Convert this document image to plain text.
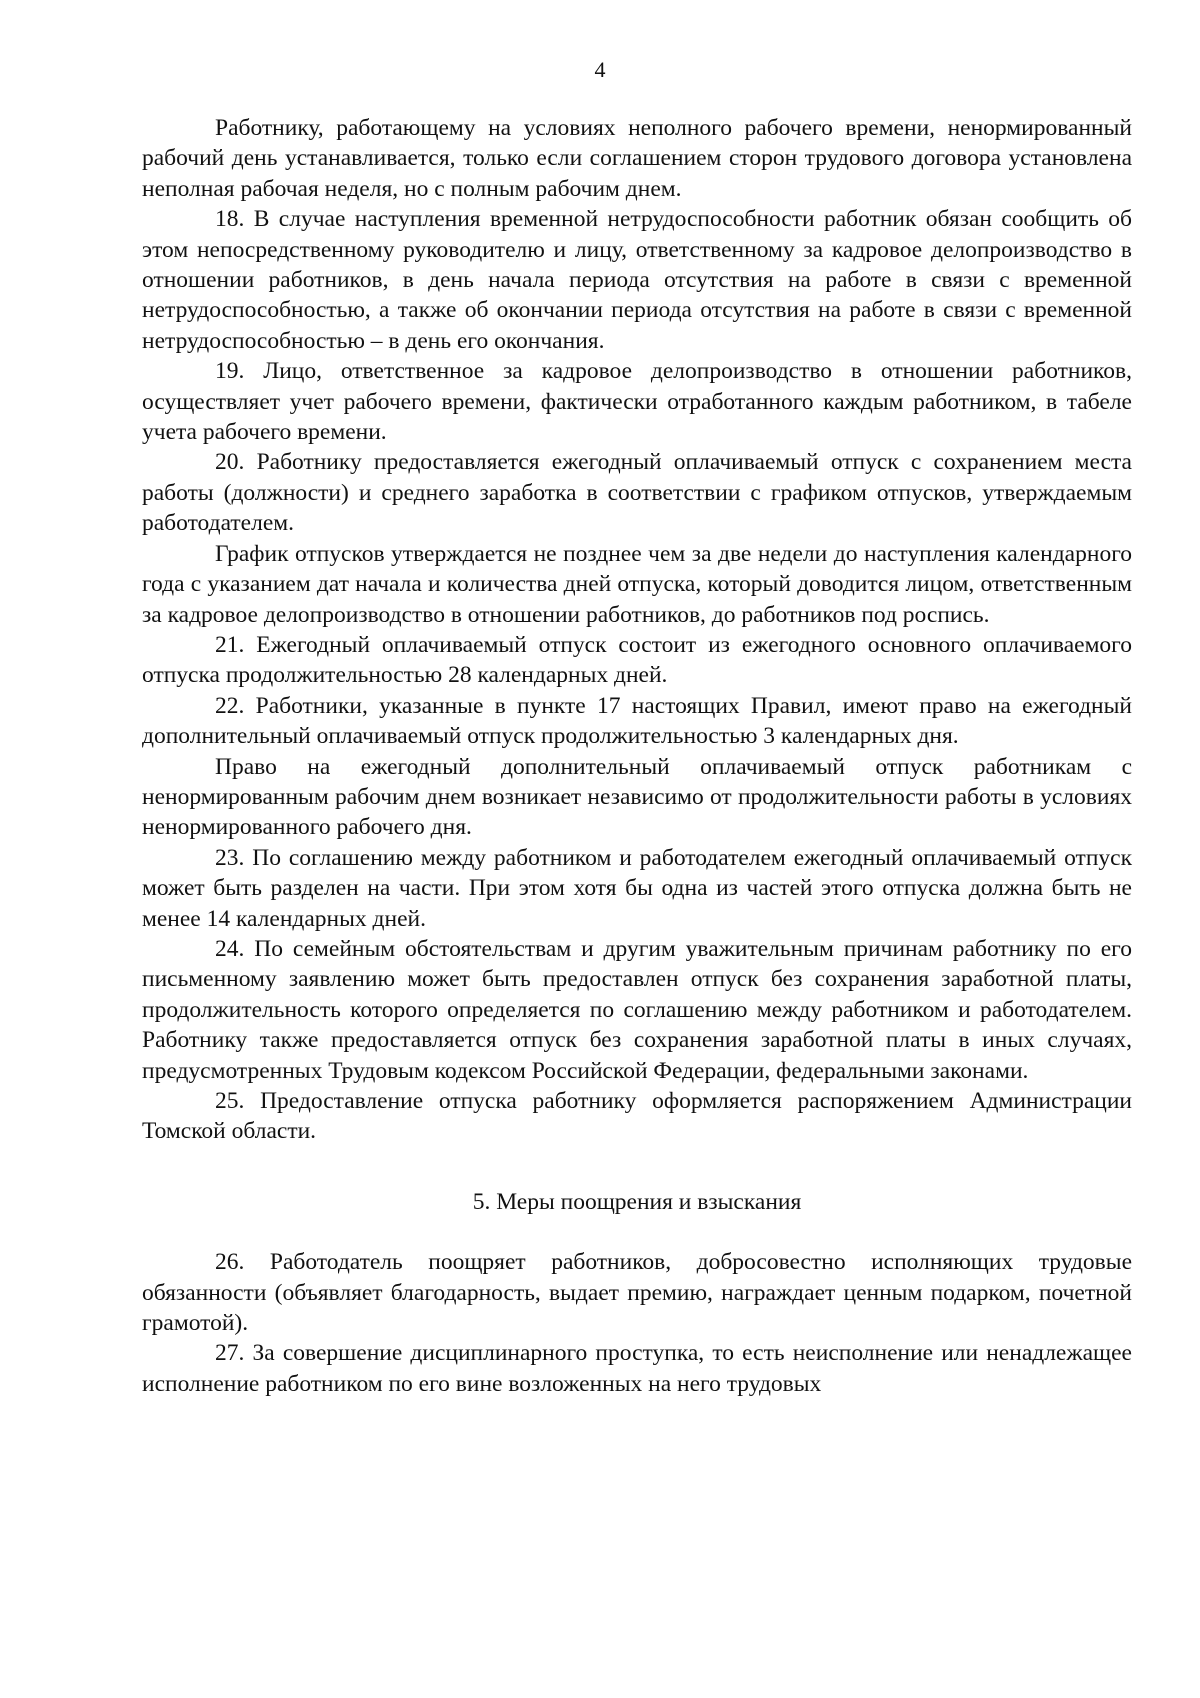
4

Работнику, работающему на условиях неполного рабочего времени, ненормированный рабочий день устанавливается, только если соглашением сторон трудового договора установлена неполная рабочая неделя, но с полным рабочим днем.

18. В случае наступления временной нетрудоспособности работник обязан сообщить об этом непосредственному руководителю и лицу, ответственному за кадровое делопроизводство в отношении работников, в день начала периода отсутствия на работе в связи с временной нетрудоспособностью, а также об окончании периода отсутствия на работе в связи с временной нетрудоспособностью – в день его окончания.

19. Лицо, ответственное за кадровое делопроизводство в отношении работников, осуществляет учет рабочего времени, фактически отработанного каждым работником, в табеле учета рабочего времени.

20. Работнику предоставляется ежегодный оплачиваемый отпуск с сохранением места работы (должности) и среднего заработка в соответствии с графиком отпусков, утверждаемым работодателем.

График отпусков утверждается не позднее чем за две недели до наступления календарного года с указанием дат начала и количества дней отпуска, который доводится лицом, ответственным за кадровое делопроизводство в отношении работников, до работников под роспись.

21. Ежегодный оплачиваемый отпуск состоит из ежегодного основного оплачиваемого отпуска продолжительностью 28 календарных дней.

22. Работники, указанные в пункте 17 настоящих Правил, имеют право на ежегодный дополнительный оплачиваемый отпуск продолжительностью 3 календарных дня.

Право на ежегодный дополнительный оплачиваемый отпуск работникам с ненормированным рабочим днем возникает независимо от продолжительности работы в условиях ненормированного рабочего дня.

23. По соглашению между работником и работодателем ежегодный оплачиваемый отпуск может быть разделен на части. При этом хотя бы одна из частей этого отпуска должна быть не менее 14 календарных дней.

24. По семейным обстоятельствам и другим уважительным причинам работнику по его письменному заявлению может быть предоставлен отпуск без сохранения заработной платы, продолжительность которого определяется по соглашению между работником и работодателем. Работнику также предоставляется отпуск без сохранения заработной платы в иных случаях, предусмотренных Трудовым кодексом Российской Федерации, федеральными законами.

25. Предоставление отпуска работнику оформляется распоряжением Администрации Томской области.

5. Меры поощрения и взыскания

26. Работодатель поощряет работников, добросовестно исполняющих трудовые обязанности (объявляет благодарность, выдает премию, награждает ценным подарком, почетной грамотой).

27. За совершение дисциплинарного проступка, то есть неисполнение или ненадлежащее исполнение работником по его вине возложенных на него трудовых
